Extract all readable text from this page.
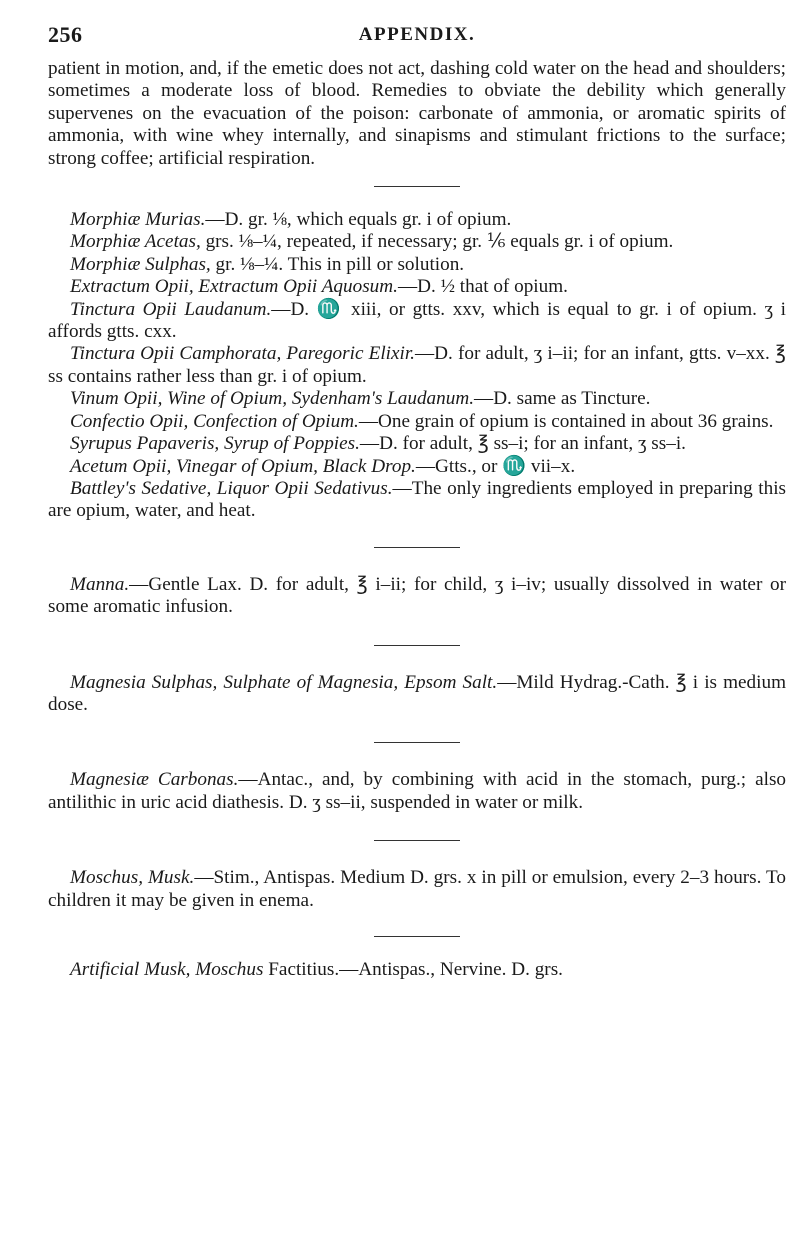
256	APPENDIX.

patient in motion, and, if the emetic does not act, dashing cold water on the head and shoulders; sometimes a moderate loss of blood. Remedies to obviate the debility which generally supervenes on the evacuation of the poison: carbonate of ammonia, or aromatic spirits of ammonia, with wine whey internally, and sinapisms and stimulant frictions to the surface; strong coffee; artificial respiration.

Morphiæ Murias.—D. gr. ⅛, which equals gr. i of opium.

Morphiæ Acetas, grs. ⅛–¼, repeated, if necessary; gr. ⅙ equals gr. i of opium.

Morphiæ Sulphas, gr. ⅛–¼. This in pill or solution.

Extractum Opii, Extractum Opii Aquosum.—D. ½ that of opium.

Tinctura Opii Laudanum.—D. ♏ xiii, or gtts. xxv, which is equal to gr. i of opium. ʒ i affords gtts. cxx.

Tinctura Opii Camphorata, Paregoric Elixir.—D. for adult, ʒ i–ii; for an infant, gtts. v–xx. ℥ ss contains rather less than gr. i of opium.

Vinum Opii, Wine of Opium, Sydenham's Laudanum.—D. same as Tincture.

Confectio Opii, Confection of Opium.—One grain of opium is contained in about 36 grains.

Syrupus Papaveris, Syrup of Poppies.—D. for adult, ℥ ss–i; for an infant, ʒ ss–i.

Acetum Opii, Vinegar of Opium, Black Drop.—Gtts., or ♏ vii–x.

Battley's Sedative, Liquor Opii Sedativus.—The only ingredients employed in preparing this are opium, water, and heat.

Manna.—Gentle Lax. D. for adult, ℥ i–ii; for child, ʒ i–iv; usually dissolved in water or some aromatic infusion.

Magnesia Sulphas, Sulphate of Magnesia, Epsom Salt.—Mild Hydrag.-Cath. ℥ i is medium dose.

Magnesiæ Carbonas.—Antac., and, by combining with acid in the stomach, purg.; also antilithic in uric acid diathesis. D. ʒ ss–ii, suspended in water or milk.

Moschus, Musk.—Stim., Antispas. Medium D. grs. x in pill or emulsion, every 2–3 hours. To children it may be given in enema.

Artificial Musk, Moschus Factitius.—Antispas., Nervine. D. grs.
